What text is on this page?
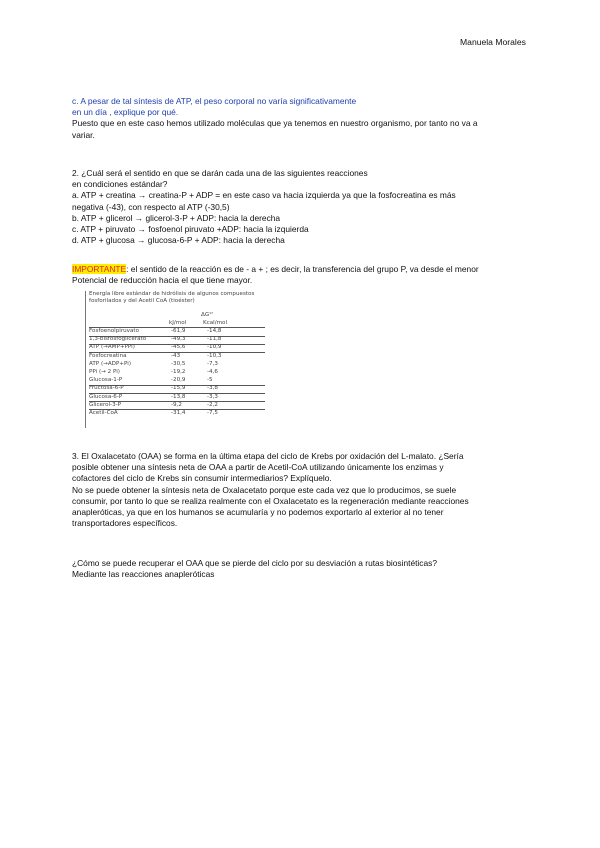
Manuela Morales
c. A pesar de tal síntesis de ATP, el peso corporal no varía significativamente
en un día , explique por qué.
Puesto que en este caso hemos utilizado moléculas que ya tenemos en nuestro organismo, por tanto no va a
variar.
2. ¿Cuál será el sentido en que se darán cada una de las siguientes reacciones
en condiciones estándar?
a. ATP + creatina → creatina-P + ADP = en este caso va hacia izquierda ya que la fosfocreatina es más
negativa (-43), con respecto al ATP (-30,5)
b. ATP + glicerol → glicerol-3-P + ADP: hacia la derecha
c. ATP + piruvato → fosfoenol piruvato +ADP: hacia la izquierda
d. ATP + glucosa → glucosa-6-P + ADP: hacia la derecha
IMPORTANTE: el sentido de la reacción es de - a + ; es decir, la transferencia del grupo P, va desde el menor
Potencial de reducción hacia el que tiene mayor.
Energía libre estándar de hidrólisis de algunos compuestos fosforilados y del Acetil CoA (tioéster)
ΔG°'
kJ/mol	Kcal/mol
Fosfoenolpiruvato	-61,9	-14,8
1,3-bisfosfoglicerato	-49,3	-11,8
ATP (→AMP+PPi)	-45,6	-10,9
Fosfocreatina	-43	-10,3
ATP (→ADP+Pi)	-30,5	-7,3
PPi (→ 2 Pi)	-19,2	-4,6
Glucosa-1-P	-20,9	-5
Fructosa-6-P	-15,9	-3,8
Glucosa-6-P	-13,8	-3,3
Glicerol-3-P	-9,2	-2,2
Acetil-CoA	-31,4	-7,5
3. El Oxalacetato (OAA) se forma en la última etapa del ciclo de Krebs por oxidación del L-malato. ¿Sería
posible obtener una síntesis neta de OAA a partir de Acetil-CoA utilizando únicamente los enzimas y
cofactores del ciclo de Krebs sin consumir intermediarios? Explíquelo.
No se puede obtener la síntesis neta de Oxalacetato porque este cada vez que lo producimos, se suele
consumir, por tanto lo que se realiza realmente con el Oxalacetato es la regeneración mediante reacciones
anapleróticas, ya que en los humanos se acumularía y no podemos exportarlo al exterior al no tener
transportadores específicos.
¿Cómo se puede recuperar el OAA que se pierde del ciclo por su desviación a rutas biosintéticas?
Mediante las reacciones anapleróticas
